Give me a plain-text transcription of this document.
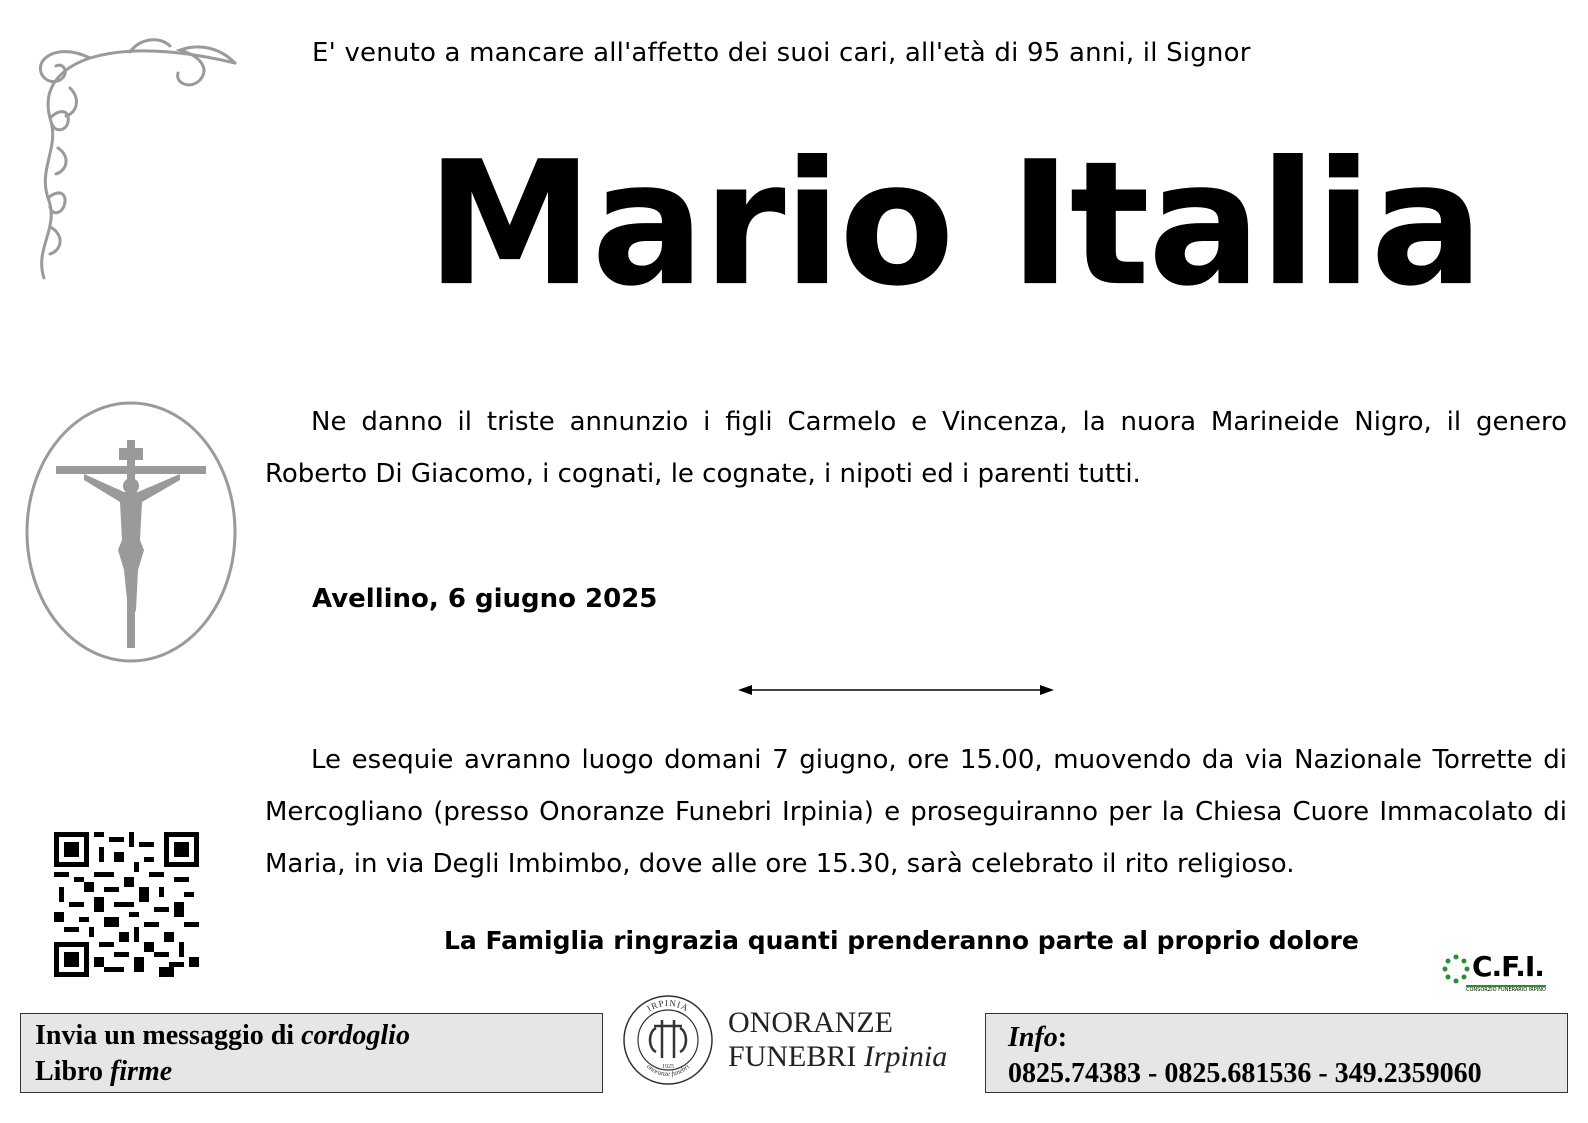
E' venuto a mancare all'affetto dei suoi cari, all'età di 95 anni, il Signor
Mario Italia
Ne danno il triste annunzio i figli Carmelo e Vincenza, la nuora Marineide Nigro, il genero Roberto Di Giacomo, i cognati, le cognate, i nipoti ed i parenti tutti.
Avellino, 6 giugno 2025
Le esequie avranno luogo domani 7 giugno, ore 15.00, muovendo da via Nazionale Torrette di Mercogliano (presso Onoranze Funebri Irpinia) e proseguiranno per la Chiesa Cuore Immacolato di Maria, in via Degli Imbimbo, dove alle ore 15.30, sarà celebrato il rito religioso.
La Famiglia ringrazia quanti prenderanno parte al proprio dolore
C.F.I.
CONSORZIO FUNERARIO IRPINO
Invia un messaggio di cordoglio
Libro firme
IRPINIA
onoranze funebri
1925
ONORANZE
FUNEBRI Irpinia
Info:
0825.74383 - 0825.681536 - 349.2359060
